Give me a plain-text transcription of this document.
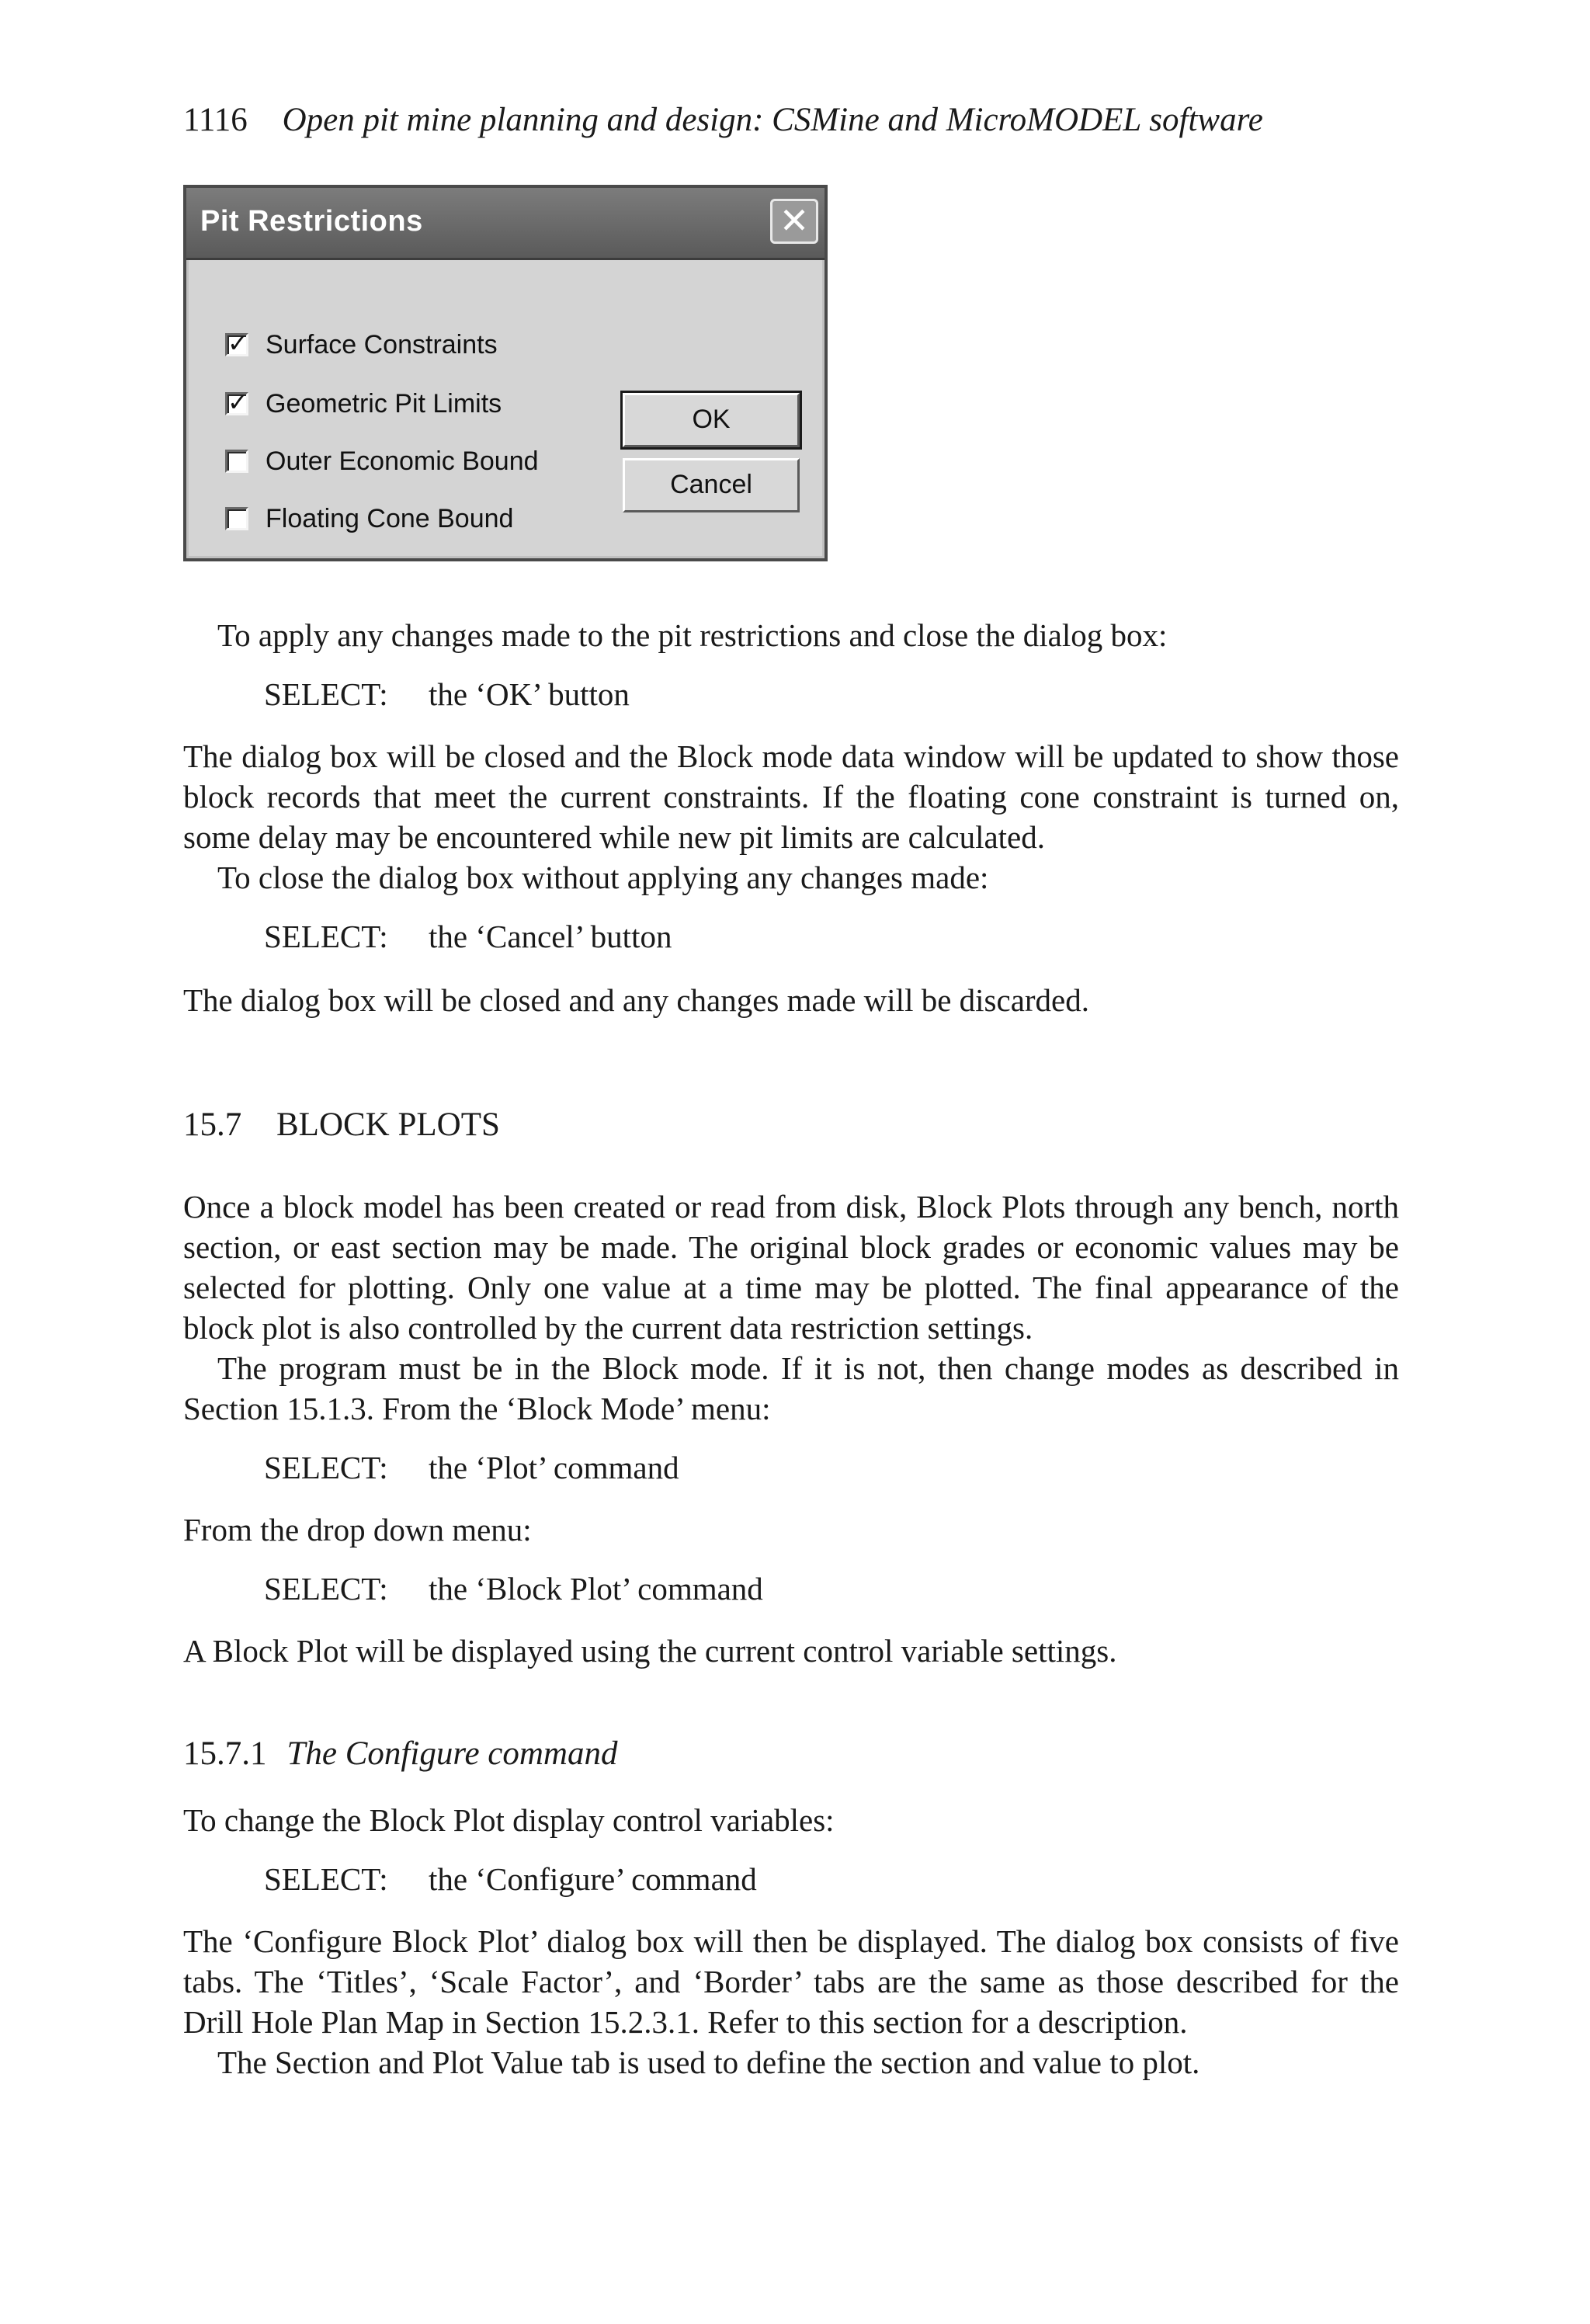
1116 Open pit mine planning and design: CSMine and MicroMODEL software
Pit Restrictions	✕
✓ Surface Constraints
✓ Geometric Pit Limits
Outer Economic Bound
Floating Cone Bound
OK
Cancel

To apply any changes made to the pit restrictions and close the dialog box:

SELECT: the ‘OK’ button

The dialog box will be closed and the Block mode data window will be updated to show those block records that meet the current constraints. If the floating cone constraint is turned on, some delay may be encountered while new pit limits are calculated.

To close the dialog box without applying any changes made:

SELECT: the ‘Cancel’ button

The dialog box will be closed and any changes made will be discarded.

15.7 BLOCK PLOTS

Once a block model has been created or read from disk, Block Plots through any bench, north section, or east section may be made. The original block grades or economic values may be selected for plotting. Only one value at a time may be plotted. The final appearance of the block plot is also controlled by the current data restriction settings.

The program must be in the Block mode. If it is not, then change modes as described in Section 15.1.3. From the ‘Block Mode’ menu:

SELECT: the ‘Plot’ command

From the drop down menu:

SELECT: the ‘Block Plot’ command

A Block Plot will be displayed using the current control variable settings.

15.7.1 The Configure command

To change the Block Plot display control variables:

SELECT: the ‘Configure’ command

The ‘Configure Block Plot’ dialog box will then be displayed. The dialog box consists of five tabs. The ‘Titles’, ‘Scale Factor’, and ‘Border’ tabs are the same as those described for the Drill Hole Plan Map in Section 15.2.3.1. Refer to this section for a description.

The Section and Plot Value tab is used to define the section and value to plot.
